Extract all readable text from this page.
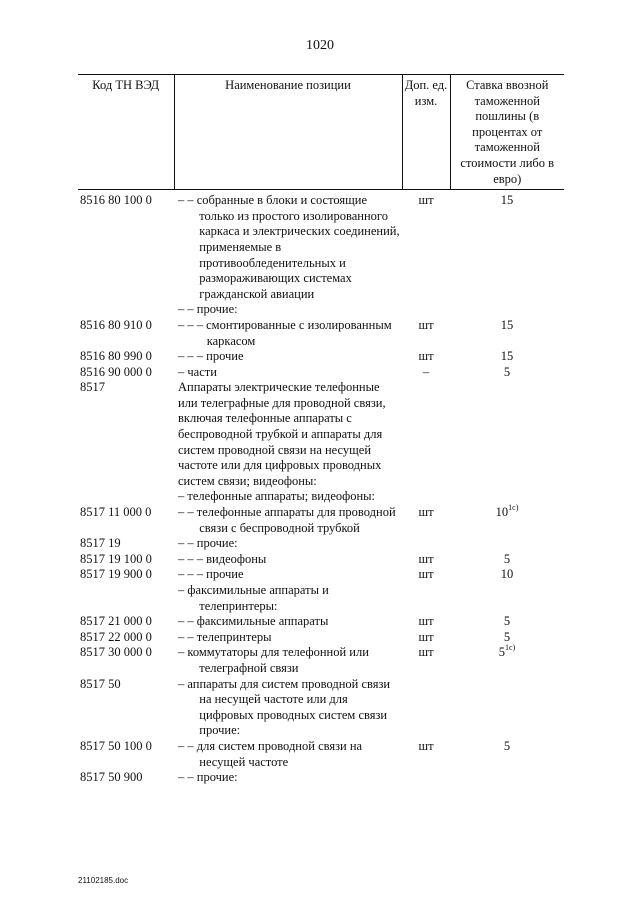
1020
Код ТН ВЭД	Наименование позиции	Доп. ед. изм.	Ставка ввозной таможенной пошлины (в процентах от таможенной стоимости либо в евро)
8516 80 100 0	– – собранные в блоки и состоящие только из простого изолированного каркаса и электрических соединений, применяемые в противообледенительных и размораживающих системах гражданской авиации	шт	15

	– – прочие:		

8516 80 910 0	– – – смонтированные с изолированным каркасом	шт	15
8516 80 990 0	– – – прочие	шт	15
8516 90 000 0	– части	–	5
8517	Аппараты электрические телефонные или телеграфные для проводной связи, включая телефонные аппараты с беспроводной трубкой и аппараты для систем проводной связи на несущей частоте или для цифровых проводных систем связи; видеофоны:		

	– телефонные аппараты; видеофоны:		

8517 11 000 0	– – телефонные аппараты для проводной связи с беспроводной трубкой	шт	$10^{1с)}$
8517 19	– – прочие:		

8517 19 100 0	– – – видеофоны	шт	5
8517 19 900 0	– – – прочие	шт	10

	– факсимильные аппараты и телепринтеры:		

8517 21 000 0	– – факсимильные аппараты	шт	5
8517 22 000 0	– – телепринтеры	шт	5
8517 30 000 0	– коммутаторы для телефонной или телеграфной связи	шт	$5^{1с)}$
8517 50	– аппараты для систем проводной связи на несущей частоте или для цифровых проводных систем связи прочие:		

8517 50 100 0	– – для систем проводной связи на несущей частоте	шт	5
8517 50 900	– – прочие:		

21102185.doc
